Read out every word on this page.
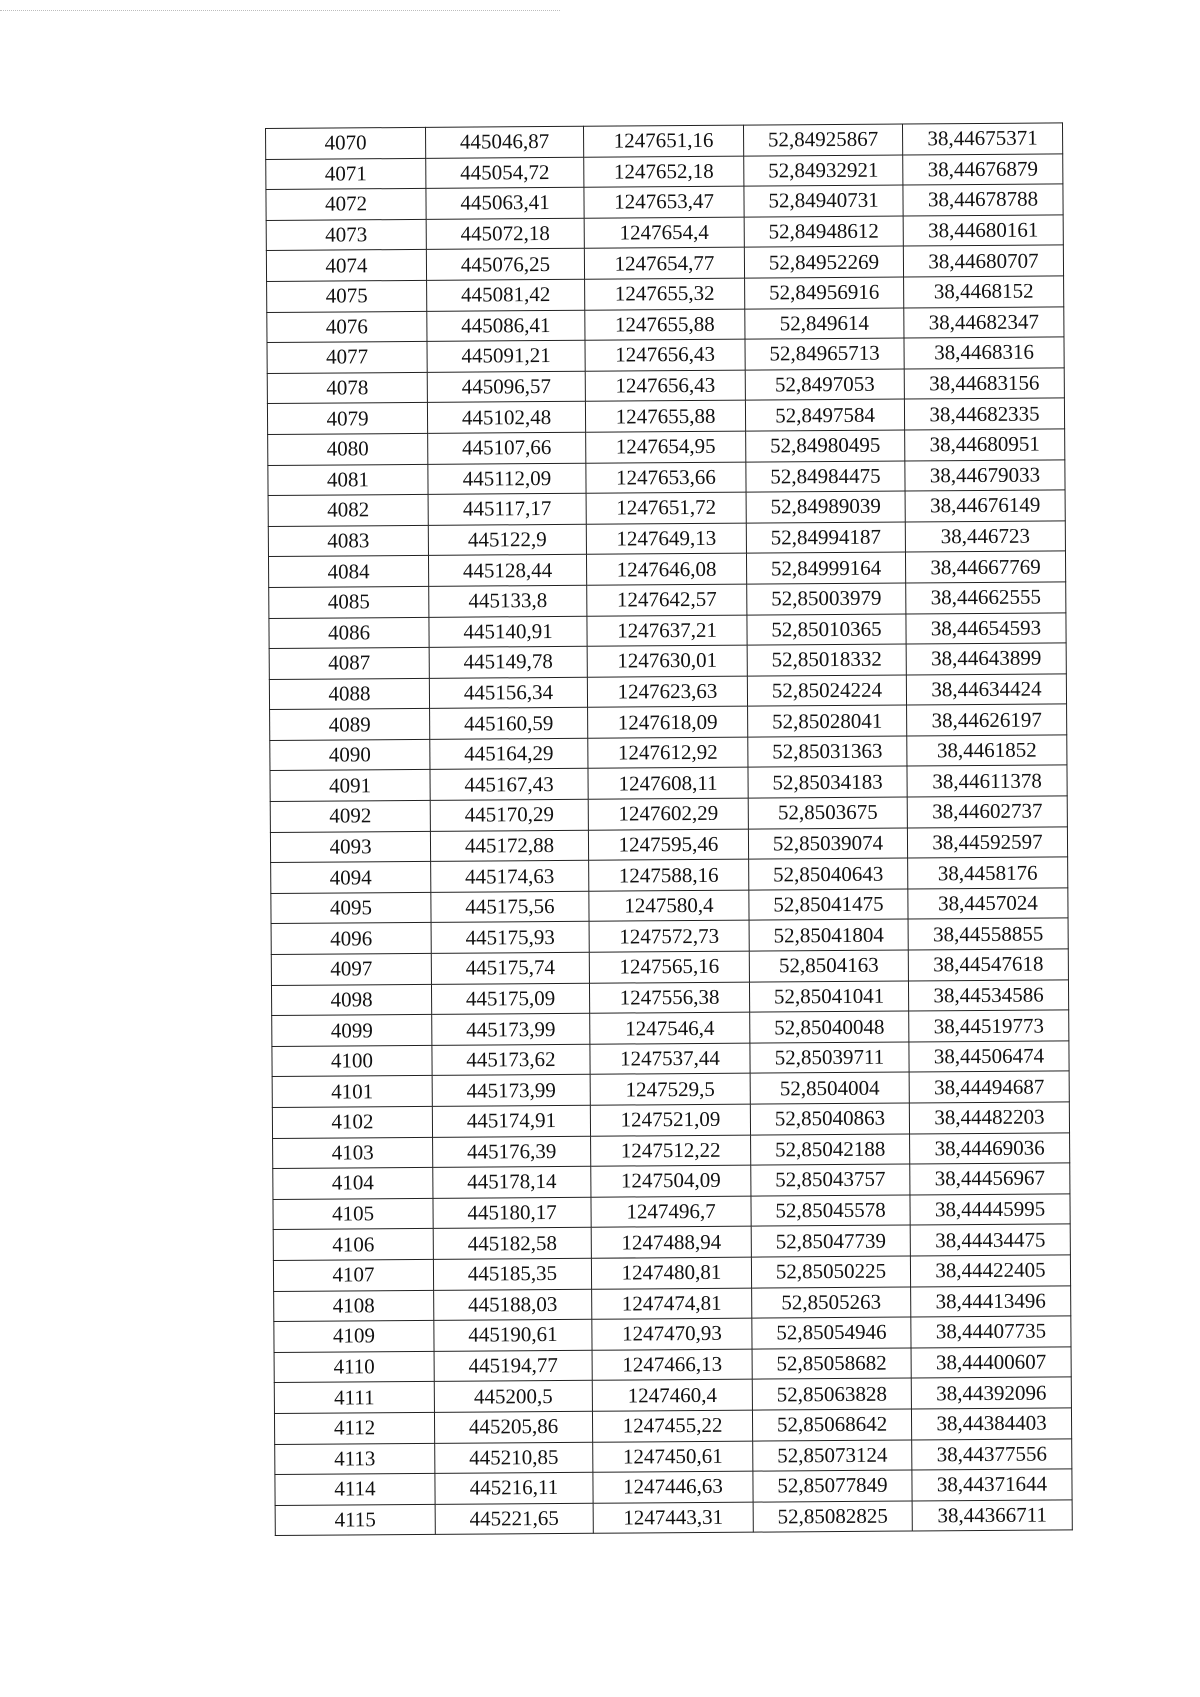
4070	445046,87	1247651,16	52,84925867	38,44675371
4071	445054,72	1247652,18	52,84932921	38,44676879
4072	445063,41	1247653,47	52,84940731	38,44678788
4073	445072,18	1247654,4	52,84948612	38,44680161
4074	445076,25	1247654,77	52,84952269	38,44680707
4075	445081,42	1247655,32	52,84956916	38,4468152
4076	445086,41	1247655,88	52,849614	38,44682347
4077	445091,21	1247656,43	52,84965713	38,4468316
4078	445096,57	1247656,43	52,8497053	38,44683156
4079	445102,48	1247655,88	52,8497584	38,44682335
4080	445107,66	1247654,95	52,84980495	38,44680951
4081	445112,09	1247653,66	52,84984475	38,44679033
4082	445117,17	1247651,72	52,84989039	38,44676149
4083	445122,9	1247649,13	52,84994187	38,446723
4084	445128,44	1247646,08	52,84999164	38,44667769
4085	445133,8	1247642,57	52,85003979	38,44662555
4086	445140,91	1247637,21	52,85010365	38,44654593
4087	445149,78	1247630,01	52,85018332	38,44643899
4088	445156,34	1247623,63	52,85024224	38,44634424
4089	445160,59	1247618,09	52,85028041	38,44626197
4090	445164,29	1247612,92	52,85031363	38,4461852
4091	445167,43	1247608,11	52,85034183	38,44611378
4092	445170,29	1247602,29	52,8503675	38,44602737
4093	445172,88	1247595,46	52,85039074	38,44592597
4094	445174,63	1247588,16	52,85040643	38,4458176
4095	445175,56	1247580,4	52,85041475	38,4457024
4096	445175,93	1247572,73	52,85041804	38,44558855
4097	445175,74	1247565,16	52,8504163	38,44547618
4098	445175,09	1247556,38	52,85041041	38,44534586
4099	445173,99	1247546,4	52,85040048	38,44519773
4100	445173,62	1247537,44	52,85039711	38,44506474
4101	445173,99	1247529,5	52,8504004	38,44494687
4102	445174,91	1247521,09	52,85040863	38,44482203
4103	445176,39	1247512,22	52,85042188	38,44469036
4104	445178,14	1247504,09	52,85043757	38,44456967
4105	445180,17	1247496,7	52,85045578	38,44445995
4106	445182,58	1247488,94	52,85047739	38,44434475
4107	445185,35	1247480,81	52,85050225	38,44422405
4108	445188,03	1247474,81	52,8505263	38,44413496
4109	445190,61	1247470,93	52,85054946	38,44407735
4110	445194,77	1247466,13	52,85058682	38,44400607
4111	445200,5	1247460,4	52,85063828	38,44392096
4112	445205,86	1247455,22	52,85068642	38,44384403
4113	445210,85	1247450,61	52,85073124	38,44377556
4114	445216,11	1247446,63	52,85077849	38,44371644
4115	445221,65	1247443,31	52,85082825	38,44366711
